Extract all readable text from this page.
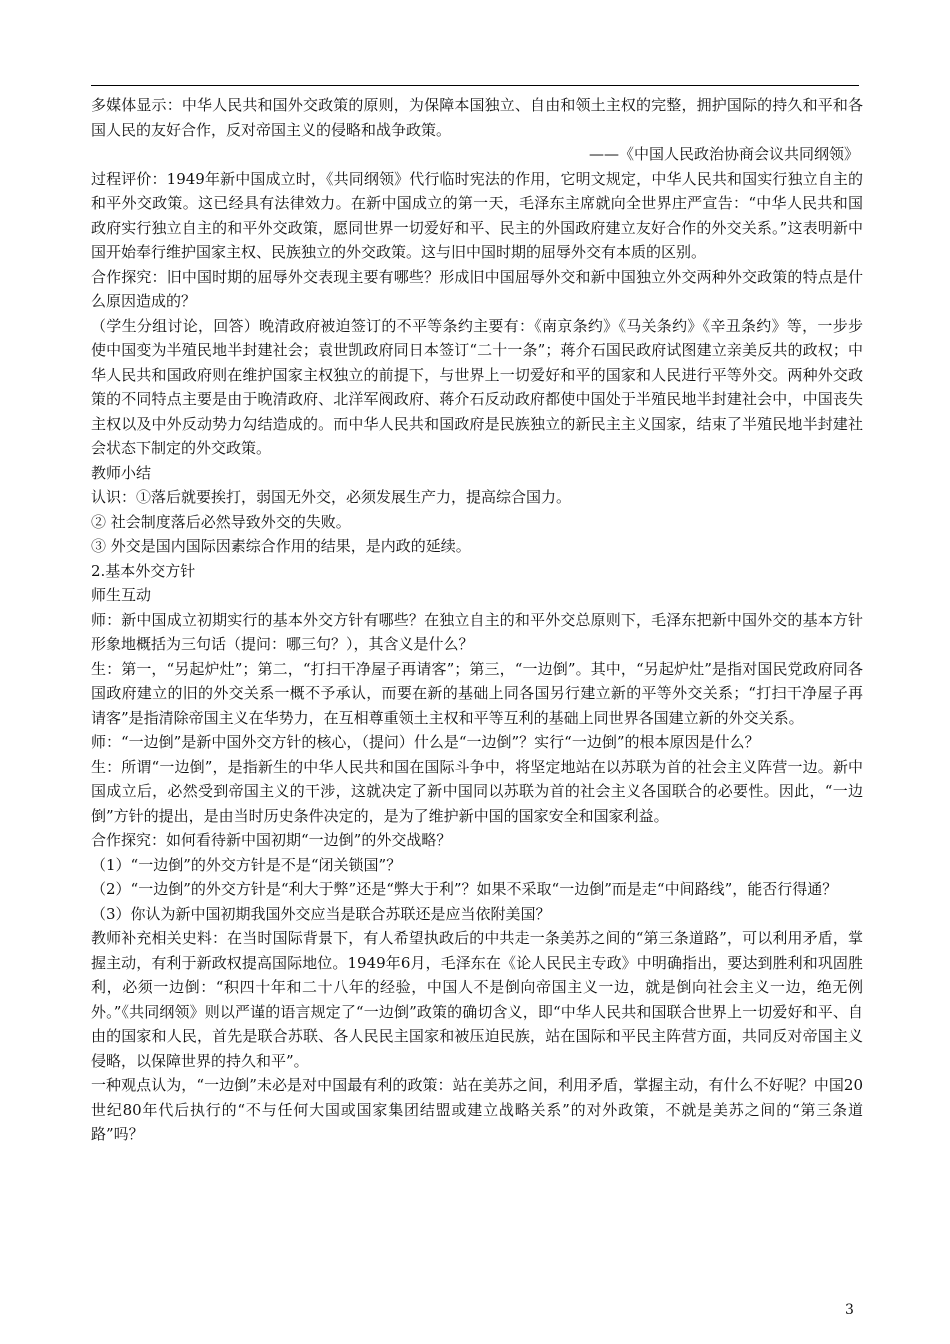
多媒体显示：中华人民共和国外交政策的原则，为保障本国独立、自由和领土主权的完整，拥护国际的持久和平和各国人民的友好合作，反对帝国主义的侵略和战争政策。

——《中国人民政治协商会议共同纲领》

过程评价：1949年新中国成立时，《共同纲领》代行临时宪法的作用，它明文规定，中华人民共和国实行独立自主的和平外交政策。这已经具有法律效力。在新中国成立的第一天，毛泽东主席就向全世界庄严宣告：“中华人民共和国政府实行独立自主的和平外交政策，愿同世界一切爱好和平、民主的外国政府建立友好合作的外交关系。”这表明新中国开始奉行维护国家主权、民族独立的外交政策。这与旧中国时期的屈辱外交有本质的区别。

合作探究：旧中国时期的屈辱外交表现主要有哪些？形成旧中国屈辱外交和新中国独立外交两种外交政策的特点是什么原因造成的？

（学生分组讨论，回答）晚清政府被迫签订的不平等条约主要有：《南京条约》《马关条约》《辛丑条约》等，一步步使中国变为半殖民地半封建社会；袁世凯政府同日本签订“二十一条”；蒋介石国民政府试图建立亲美反共的政权；中华人民共和国政府则在维护国家主权独立的前提下，与世界上一切爱好和平的国家和人民进行平等外交。两种外交政策的不同特点主要是由于晚清政府、北洋军阀政府、蒋介石反动政府都使中国处于半殖民地半封建社会中，中国丧失主权以及中外反动势力勾结造成的。而中华人民共和国政府是民族独立的新民主主义国家，结束了半殖民地半封建社会状态下制定的外交政策。

教师小结

认识：①落后就要挨打，弱国无外交，必须发展生产力，提高综合国力。

② 社会制度落后必然导致外交的失败。

③ 外交是国内国际因素综合作用的结果，是内政的延续。

2.基本外交方针

师生互动

师：新中国成立初期实行的基本外交方针有哪些？在独立自主的和平外交总原则下，毛泽东把新中国外交的基本方针形象地概括为三句话（提问：哪三句？），其含义是什么？

生：第一，“另起炉灶”；第二，“打扫干净屋子再请客”；第三，“一边倒”。其中，“另起炉灶”是指对国民党政府同各国政府建立的旧的外交关系一概不予承认，而要在新的基础上同各国另行建立新的平等外交关系；“打扫干净屋子再请客”是指清除帝国主义在华势力，在互相尊重领土主权和平等互利的基础上同世界各国建立新的外交关系。

师：“一边倒”是新中国外交方针的核心，（提问）什么是“一边倒”？实行“一边倒”的根本原因是什么？

生：所谓“一边倒”，是指新生的中华人民共和国在国际斗争中，将坚定地站在以苏联为首的社会主义阵营一边。新中国成立后，必然受到帝国主义的干涉，这就决定了新中国同以苏联为首的社会主义各国联合的必要性。因此，“一边倒”方针的提出，是由当时历史条件决定的，是为了维护新中国的国家安全和国家利益。

合作探究：如何看待新中国初期“一边倒”的外交战略？

（1）“一边倒”的外交方针是不是“闭关锁国”？

（2）“一边倒”的外交方针是“利大于弊”还是“弊大于利”？如果不采取“一边倒”而是走“中间路线”，能否行得通？

（3）你认为新中国初期我国外交应当是联合苏联还是应当依附美国？

教师补充相关史料：在当时国际背景下，有人希望执政后的中共走一条美苏之间的“第三条道路”，可以利用矛盾，掌握主动，有利于新政权提高国际地位。1949年6月，毛泽东在《论人民民主专政》中明确指出，要达到胜利和巩固胜利，必须一边倒：“积四十年和二十八年的经验，中国人不是倒向帝国主义一边，就是倒向社会主义一边，绝无例外。”《共同纲领》则以严谨的语言规定了“一边倒”政策的确切含义，即“中华人民共和国联合世界上一切爱好和平、自由的国家和人民，首先是联合苏联、各人民民主国家和被压迫民族，站在国际和平民主阵营方面，共同反对帝国主义侵略，以保障世界的持久和平”。

一种观点认为，“一边倒”未必是对中国最有利的政策：站在美苏之间，利用矛盾，掌握主动，有什么不好呢？中国20世纪80年代后执行的“不与任何大国或国家集团结盟或建立战略关系”的对外政策，不就是美苏之间的“第三条道路”吗？

3
